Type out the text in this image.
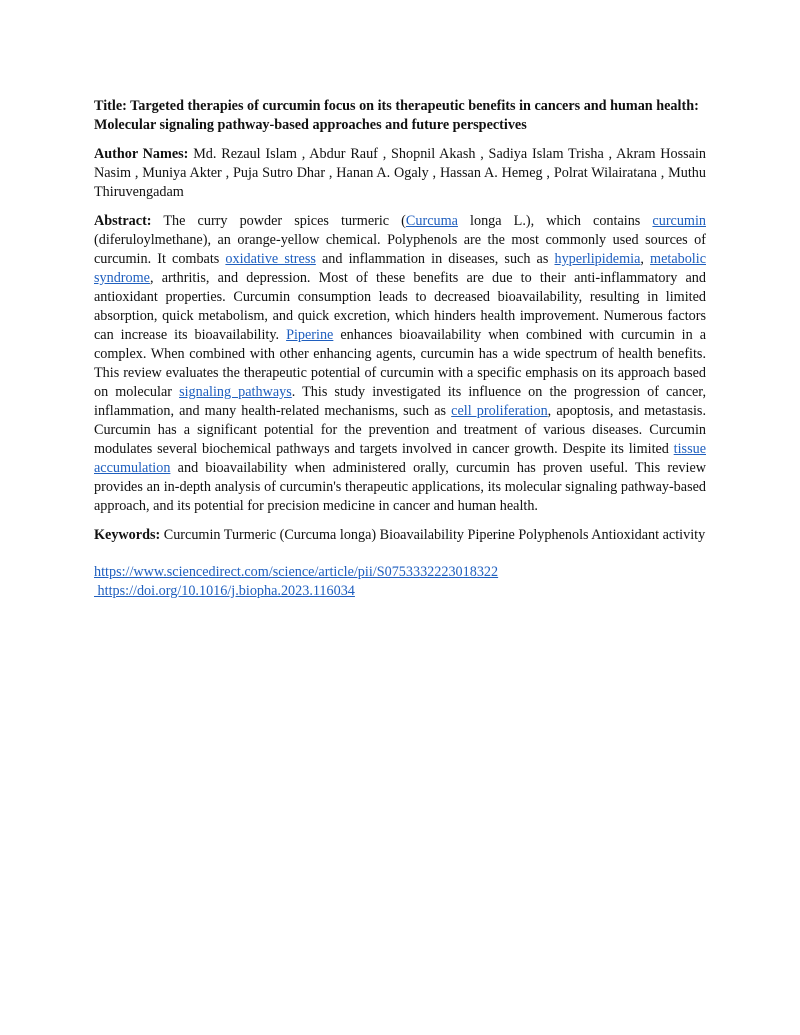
Title: Targeted therapies of curcumin focus on its therapeutic benefits in cancers and human health: Molecular signaling pathway-based approaches and future perspectives

Author Names: Md. Rezaul Islam , Abdur Rauf , Shopnil Akash , Sadiya Islam Trisha , Akram Hossain Nasim , Muniya Akter , Puja Sutro Dhar , Hanan A. Ogaly , Hassan A. Hemeg , Polrat Wilairatana , Muthu Thiruvengadam

Abstract: The curry powder spices turmeric (Curcuma longa L.), which contains curcumin (diferuloylmethane), an orange-yellow chemical. Polyphenols are the most commonly used sources of curcumin. It combats oxidative stress and inflammation in diseases, such as hyperlipidemia, metabolic syndrome, arthritis, and depression. Most of these benefits are due to their anti-inflammatory and antioxidant properties. Curcumin consumption leads to decreased bioavailability, resulting in limited absorption, quick metabolism, and quick excretion, which hinders health improvement. Numerous factors can increase its bioavailability. Piperine enhances bioavailability when combined with curcumin in a complex. When combined with other enhancing agents, curcumin has a wide spectrum of health benefits. This review evaluates the therapeutic potential of curcumin with a specific emphasis on its approach based on molecular signaling pathways. This study investigated its influence on the progression of cancer, inflammation, and many health-related mechanisms, such as cell proliferation, apoptosis, and metastasis. Curcumin has a significant potential for the prevention and treatment of various diseases. Curcumin modulates several biochemical pathways and targets involved in cancer growth. Despite its limited tissue accumulation and bioavailability when administered orally, curcumin has proven useful. This review provides an in-depth analysis of curcumin's therapeutic applications, its molecular signaling pathway-based approach, and its potential for precision medicine in cancer and human health.

Keywords: Curcumin Turmeric (Curcuma longa) Bioavailability Piperine Polyphenols Antioxidant activity

https://www.sciencedirect.com/science/article/pii/S0753332223018322
https://doi.org/10.1016/j.biopha.2023.116034
